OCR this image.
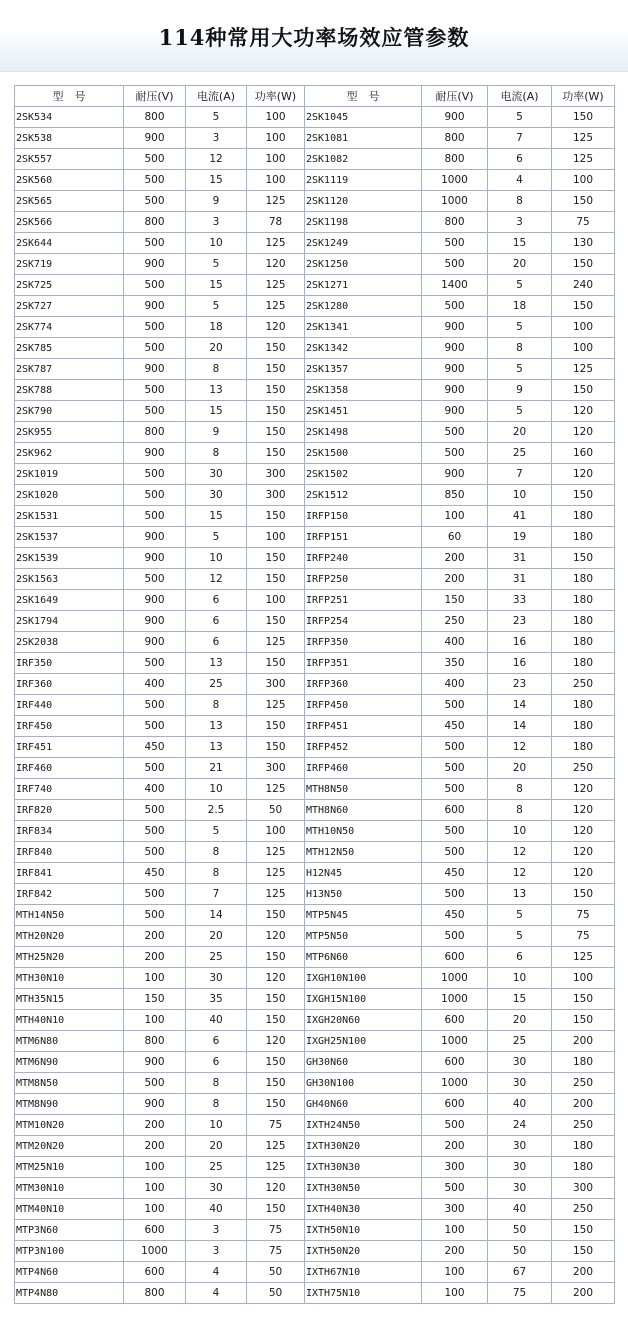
114种常用大功率场效应管参数
型　号	耐压(V)	电流(A)	功率(W)	型　号	耐压(V)	电流(A)	功率(W)
2SK534	800	5	100	2SK1045	900	5	150
2SK538	900	3	100	2SK1081	800	7	125
2SK557	500	12	100	2SK1082	800	6	125
2SK560	500	15	100	2SK1119	1000	4	100
2SK565	500	9	125	2SK1120	1000	8	150
2SK566	800	3	78	2SK1198	800	3	75
2SK644	500	10	125	2SK1249	500	15	130
2SK719	900	5	120	2SK1250	500	20	150
2SK725	500	15	125	2SK1271	1400	5	240
2SK727	900	5	125	2SK1280	500	18	150
2SK774	500	18	120	2SK1341	900	5	100
2SK785	500	20	150	2SK1342	900	8	100
2SK787	900	8	150	2SK1357	900	5	125
2SK788	500	13	150	2SK1358	900	9	150
2SK790	500	15	150	2SK1451	900	5	120
2SK955	800	9	150	2SK1498	500	20	120
2SK962	900	8	150	2SK1500	500	25	160
2SK1019	500	30	300	2SK1502	900	7	120
2SK1020	500	30	300	2SK1512	850	10	150
2SK1531	500	15	150	IRFP150	100	41	180
2SK1537	900	5	100	IRFP151	60	19	180
2SK1539	900	10	150	IRFP240	200	31	150
2SK1563	500	12	150	IRFP250	200	31	180
2SK1649	900	6	100	IRFP251	150	33	180
2SK1794	900	6	150	IRFP254	250	23	180
2SK2038	900	6	125	IRFP350	400	16	180
IRF350	500	13	150	IRFP351	350	16	180
IRF360	400	25	300	IRFP360	400	23	250
IRF440	500	8	125	IRFP450	500	14	180
IRF450	500	13	150	IRFP451	450	14	180
IRF451	450	13	150	IRFP452	500	12	180
IRF460	500	21	300	IRFP460	500	20	250
IRF740	400	10	125	MTH8N50	500	8	120
IRF820	500	2.5	50	MTH8N60	600	8	120
IRF834	500	5	100	MTH10N50	500	10	120
IRF840	500	8	125	MTH12N50	500	12	120
IRF841	450	8	125	H12N45	450	12	120
IRF842	500	7	125	H13N50	500	13	150
MTH14N50	500	14	150	MTP5N45	450	5	75
MTH20N20	200	20	120	MTP5N50	500	5	75
MTH25N20	200	25	150	MTP6N60	600	6	125
MTH30N10	100	30	120	IXGH10N100	1000	10	100
MTH35N15	150	35	150	IXGH15N100	1000	15	150
MTH40N10	100	40	150	IXGH20N60	600	20	150
MTM6N80	800	6	120	IXGH25N100	1000	25	200
MTM6N90	900	6	150	GH30N60	600	30	180
MTM8N50	500	8	150	GH30N100	1000	30	250
MTM8N90	900	8	150	GH40N60	600	40	200
MTM10N20	200	10	75	IXTH24N50	500	24	250
MTM20N20	200	20	125	IXTH30N20	200	30	180
MTM25N10	100	25	125	IXTH30N30	300	30	180
MTM30N10	100	30	120	IXTH30N50	500	30	300
MTM40N10	100	40	150	IXTH40N30	300	40	250
MTP3N60	600	3	75	IXTH50N10	100	50	150
MTP3N100	1000	3	75	IXTH50N20	200	50	150
MTP4N60	600	4	50	IXTH67N10	100	67	200
MTP4N80	800	4	50	IXTH75N10	100	75	200
